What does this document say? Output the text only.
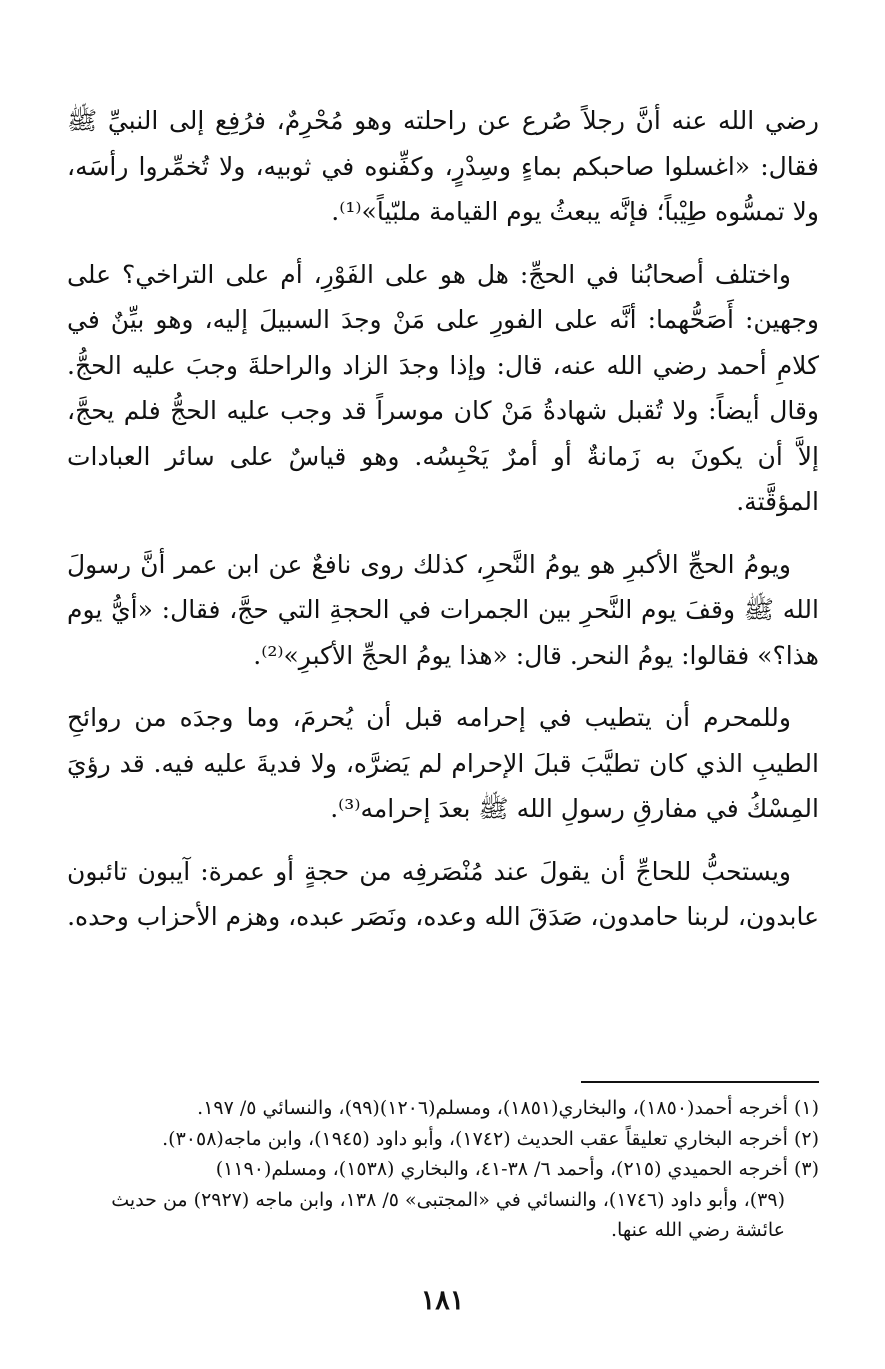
رضي الله عنه أنَّ رجلاً صُرع عن راحلته وهو مُحْرِمٌ، فرُفِع إلى النبيِّ ﷺ فقال: «اغسلوا صاحبكم بماءٍ وسِدْرٍ، وكفِّنوه في ثوبيه، ولا تُخمِّروا رأسَه، ولا تمسُّوه طِيْباً؛ فإنَّه يبعثُ يوم القيامة ملبّياً»⁽¹⁾.

واختلف أصحابُنا في الحجِّ: هل هو على الفَوْرِ، أم على التراخي؟ على وجهين: أَصَحُّهما: أنَّه على الفورِ على مَنْ وجدَ السبيلَ إليه، وهو بيِّنٌ في كلامِ أحمد رضي الله عنه، قال: وإذا وجدَ الزاد والراحلةَ وجبَ عليه الحجُّ. وقال أيضاً: ولا تُقبل شهادةُ مَنْ كان موسراً قد وجب عليه الحجُّ فلم يحجَّ، إلاَّ أن يكونَ به زَمانةٌ أو أمرٌ يَحْبِسُه. وهو قياسٌ على سائر العبادات المؤقَّتة.

ويومُ الحجِّ الأكبرِ هو يومُ النَّحرِ، كذلك روى نافعٌ عن ابن عمر أنَّ رسولَ الله ﷺ وقفَ يوم النَّحرِ بين الجمرات في الحجةِ التي حجَّ، فقال: «أيُّ يوم هذا؟» فقالوا: يومُ النحر. قال: «هذا يومُ الحجِّ الأكبرِ»⁽²⁾.

وللمحرم أن يتطيب في إحرامه قبل أن يُحرمَ، وما وجدَه من روائحِ الطيبِ الذي كان تطيَّبَ قبلَ الإحرام لم يَضرَّه، ولا فديةَ عليه فيه. قد رؤيَ المِسْكُ في مفارقِ رسولِ الله ﷺ بعدَ إحرامه⁽³⁾.

ويستحبُّ للحاجِّ أن يقولَ عند مُنْصَرفِه من حجةٍ أو عمرة: آيبون تائبون عابدون، لربنا حامدون، صَدَقَ الله وعده، ونَصَر عبده، وهزم الأحزاب وحده.

(١) أخرجه أحمد(١٨٥٠)، والبخاري(١٨٥١)، ومسلم(١٢٠٦)(٩٩)، والنسائي ٥/ ١٩٧.

(٢) أخرجه البخاري تعليقاً عقب الحديث (١٧٤٢)، وأبو داود (١٩٤٥)، وابن ماجه(٣٠٥٨).

(٣) أخرجه الحميدي (٢١٥)، وأحمد ٦/ ٣٨-٤١، والبخاري (١٥٣٨)، ومسلم(١١٩٠)

(٣٩)، وأبو داود (١٧٤٦)، والنسائي في «المجتبى» ٥/ ١٣٨، وابن ماجه (٢٩٢٧) من حديث

عائشة رضي الله عنها.

١٨١
